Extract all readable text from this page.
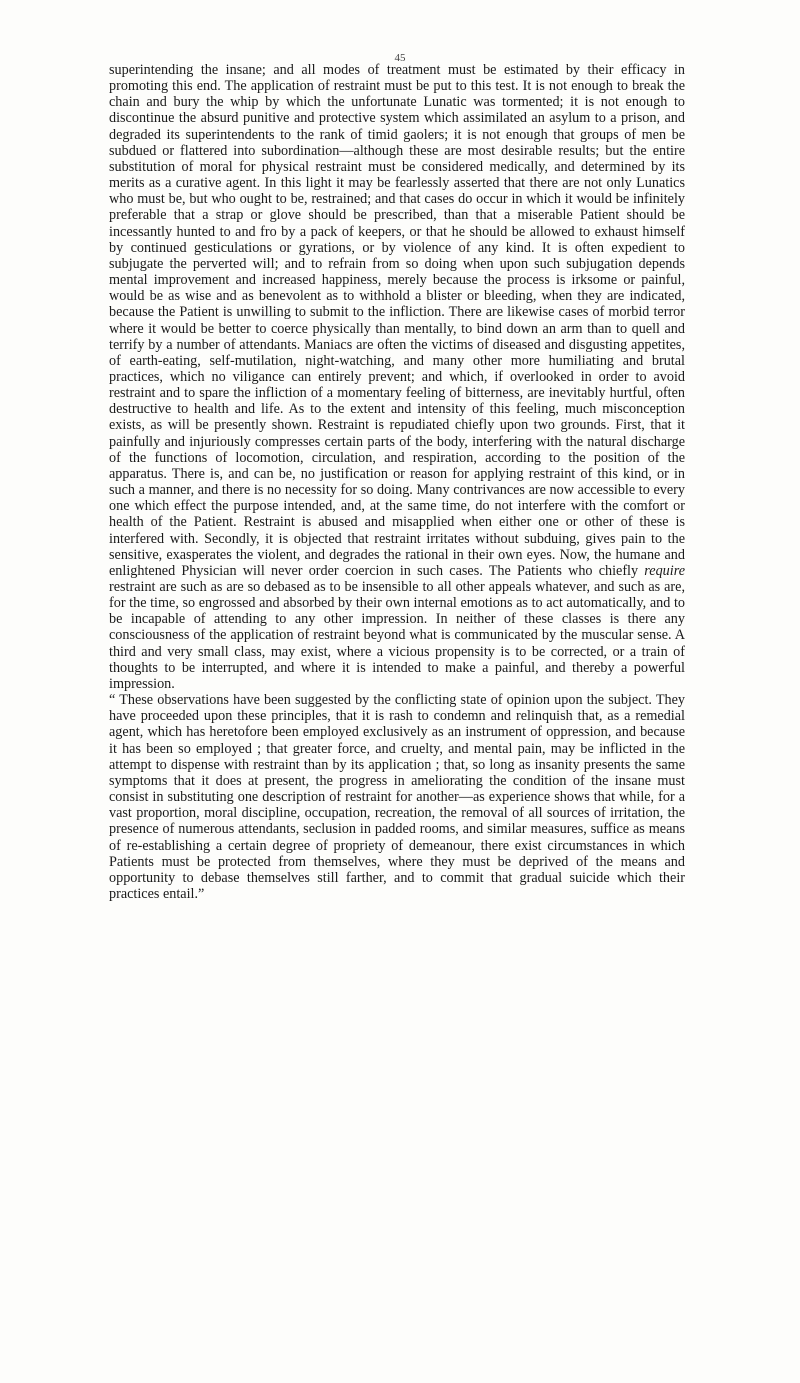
45

superintending the insane; and all modes of treatment must be estimated by their efficacy in promoting this end. The application of restraint must be put to this test. It is not enough to break the chain and bury the whip by which the unfortunate Lunatic was tormented; it is not enough to discontinue the absurd punitive and protective system which assimilated an asylum to a prison, and degraded its superintendents to the rank of timid gaolers; it is not enough that groups of men be subdued or flattered into subordination—although these are most desirable results; but the entire substitution of moral for physical restraint must be considered medically, and determined by its merits as a curative agent. In this light it may be fearlessly asserted that there are not only Lunatics who must be, but who ought to be, restrained; and that cases do occur in which it would be infinitely preferable that a strap or glove should be prescribed, than that a miserable Patient should be incessantly hunted to and fro by a pack of keepers, or that he should be allowed to exhaust himself by continued gesticulations or gyrations, or by violence of any kind. It is often expedient to subjugate the perverted will; and to refrain from so doing when upon such subjugation depends mental improvement and increased happiness, merely because the process is irksome or painful, would be as wise and as benevolent as to withhold a blister or bleeding, when they are indicated, because the Patient is unwilling to submit to the infliction. There are likewise cases of morbid terror where it would be better to coerce physically than mentally, to bind down an arm than to quell and terrify by a number of attendants. Maniacs are often the victims of diseased and disgusting appetites, of earth-eating, self-mutilation, night-watching, and many other more humiliating and brutal practices, which no viligance can entirely prevent; and which, if overlooked in order to avoid restraint and to spare the infliction of a momentary feeling of bitterness, are inevitably hurtful, often destructive to health and life. As to the extent and intensity of this feeling, much misconception exists, as will be presently shown. Restraint is repudiated chiefly upon two grounds. First, that it painfully and injuriously compresses certain parts of the body, interfering with the natural discharge of the functions of locomotion, circulation, and respiration, according to the position of the apparatus. There is, and can be, no justification or reason for applying restraint of this kind, or in such a manner, and there is no necessity for so doing. Many contrivances are now accessible to every one which effect the purpose intended, and, at the same time, do not interfere with the comfort or health of the Patient. Restraint is abused and misapplied when either one or other of these is interfered with. Secondly, it is objected that restraint irritates without subduing, gives pain to the sensitive, exasperates the violent, and degrades the rational in their own eyes. Now, the humane and enlightened Physician will never order coercion in such cases. The Patients who chiefly require restraint are such as are so debased as to be insensible to all other appeals whatever, and such as are, for the time, so engrossed and absorbed by their own internal emotions as to act automatically, and to be incapable of attending to any other impression. In neither of these classes is there any consciousness of the application of restraint beyond what is communicated by the muscular sense. A third and very small class, may exist, where a vicious propensity is to be corrected, or a train of thoughts to be interrupted, and where it is intended to make a painful, and thereby a powerful impression.

“ These observations have been suggested by the conflicting state of opinion upon the subject. They have proceeded upon these principles, that it is rash to condemn and relinquish that, as a remedial agent, which has heretofore been employed exclusively as an instrument of oppression, and because it has been so employed ; that greater force, and cruelty, and mental pain, may be inflicted in the attempt to dispense with restraint than by its application ; that, so long as insanity presents the same symptoms that it does at present, the progress in ameliorating the condition of the insane must consist in substituting one description of restraint for another—as experience shows that while, for a vast proportion, moral discipline, occupation, recreation, the removal of all sources of irritation, the presence of numerous attendants, seclusion in padded rooms, and similar measures, suffice as means of re-establishing a certain degree of propriety of demeanour, there exist circumstances in which Patients must be protected from themselves, where they must be deprived of the means and opportunity to debase themselves still farther, and to commit that gradual suicide which their practices entail.”
